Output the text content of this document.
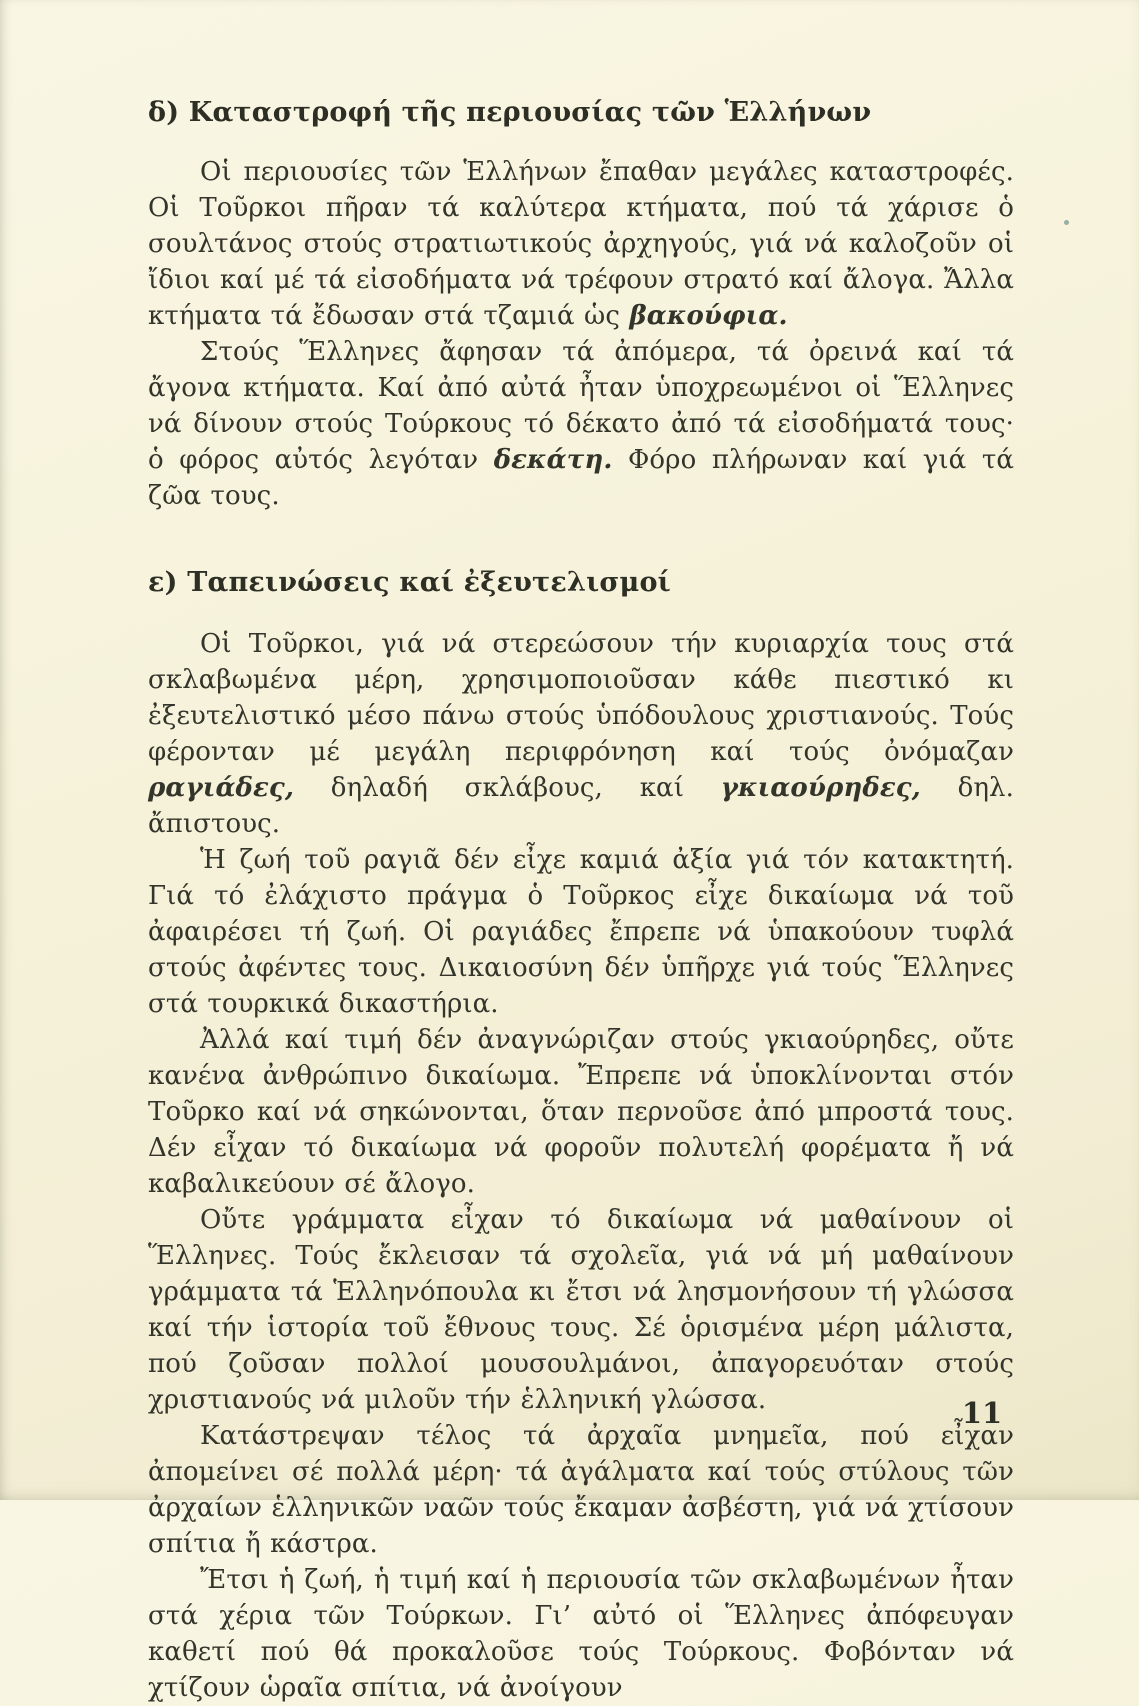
δ) Καταστροφή τῆς περιουσίας τῶν Ἑλλήνων

Οἱ περιουσίες τῶν Ἑλλήνων ἔπαθαν μεγάλες καταστροφές. Οἱ Τοῦρκοι πῆραν τά καλύτερα κτήματα, πού τά χάρισε ὁ σουλτάνος στούς στρατιωτικούς ἀρχηγούς, γιά νά καλοζοῦν οἱ ἴδιοι καί μέ τά εἰσοδήματα νά τρέφουν στρατό καί ἄλογα. Ἄλλα κτήματα τά ἔδωσαν στά τζαμιά ὡς βακούφια.

Στούς Ἕλληνες ἄφησαν τά ἀπόμερα, τά ὀρεινά καί τά ἄγονα κτήματα. Καί ἀπό αὐτά ἦταν ὑποχρεωμένοι οἱ Ἕλληνες νά δίνουν στούς Τούρκους τό δέκατο ἀπό τά εἰσοδήματά τους· ὁ φόρος αὐτός λεγόταν δεκάτη. Φόρο πλήρωναν καί γιά τά ζῶα τους.

ε) Ταπεινώσεις καί ἐξευτελισμοί

Οἱ Τοῦρκοι, γιά νά στερεώσουν τήν κυριαρχία τους στά σκλαβωμένα μέρη, χρησιμοποιοῦσαν κάθε πιεστικό κι ἐξευτελιστικό μέσο πάνω στούς ὑπόδουλους χριστιανούς. Τούς φέρονταν μέ μεγάλη περιφρόνηση καί τούς ὀνόμαζαν ραγιάδες, δηλαδή σκλάβους, καί γκιαούρηδες, δηλ. ἄπιστους.

Ἡ ζωή τοῦ ραγιᾶ δέν εἶχε καμιά ἀξία γιά τόν κατακτητή. Γιά τό ἐλάχιστο πράγμα ὁ Τοῦρκος εἶχε δικαίωμα νά τοῦ ἀφαιρέσει τή ζωή. Οἱ ραγιάδες ἔπρεπε νά ὑπακούουν τυφλά στούς ἀφέντες τους. Δικαιοσύνη δέν ὑπῆρχε γιά τούς Ἕλληνες στά τουρκικά δικαστήρια.

Ἀλλά καί τιμή δέν ἀναγνώριζαν στούς γκιαούρηδες, οὔτε κανένα ἀνθρώπινο δικαίωμα. Ἔπρεπε νά ὑποκλίνονται στόν Τοῦρκο καί νά σηκώνονται, ὅταν περνοῦσε ἀπό μπροστά τους. Δέν εἶχαν τό δικαίωμα νά φοροῦν πολυτελή φορέματα ἤ νά καβαλικεύουν σέ ἄλογο.

Οὔτε γράμματα εἶχαν τό δικαίωμα νά μαθαίνουν οἱ Ἕλληνες. Τούς ἔκλεισαν τά σχολεῖα, γιά νά μή μαθαίνουν γράμματα τά Ἑλληνόπουλα κι ἔτσι νά λησμονήσουν τή γλώσσα καί τήν ἱστορία τοῦ ἔθνους τους. Σέ ὁρισμένα μέρη μάλιστα, πού ζοῦσαν πολλοί μουσουλμάνοι, ἀπαγορευόταν στούς χριστιανούς νά μιλοῦν τήν ἑλληνική γλώσσα.

Κατάστρεψαν τέλος τά ἀρχαῖα μνημεῖα, πού εἶχαν ἀπομείνει σέ πολλά μέρη· τά ἀγάλματα καί τούς στύλους τῶν ἀρχαίων ἑλληνικῶν ναῶν τούς ἔκαμαν ἀσβέστη, γιά νά χτίσουν σπίτια ἤ κάστρα.

Ἔτσι ἡ ζωή, ἡ τιμή καί ἡ περιουσία τῶν σκλαβωμένων ἦταν στά χέρια τῶν Τούρκων. Γι’ αὐτό οἱ Ἕλληνες ἀπόφευγαν καθετί πού θά προκαλοῦσε τούς Τούρκους. Φοβόνταν νά χτίζουν ὡραῖα σπίτια, νά ἀνοίγουν

11
